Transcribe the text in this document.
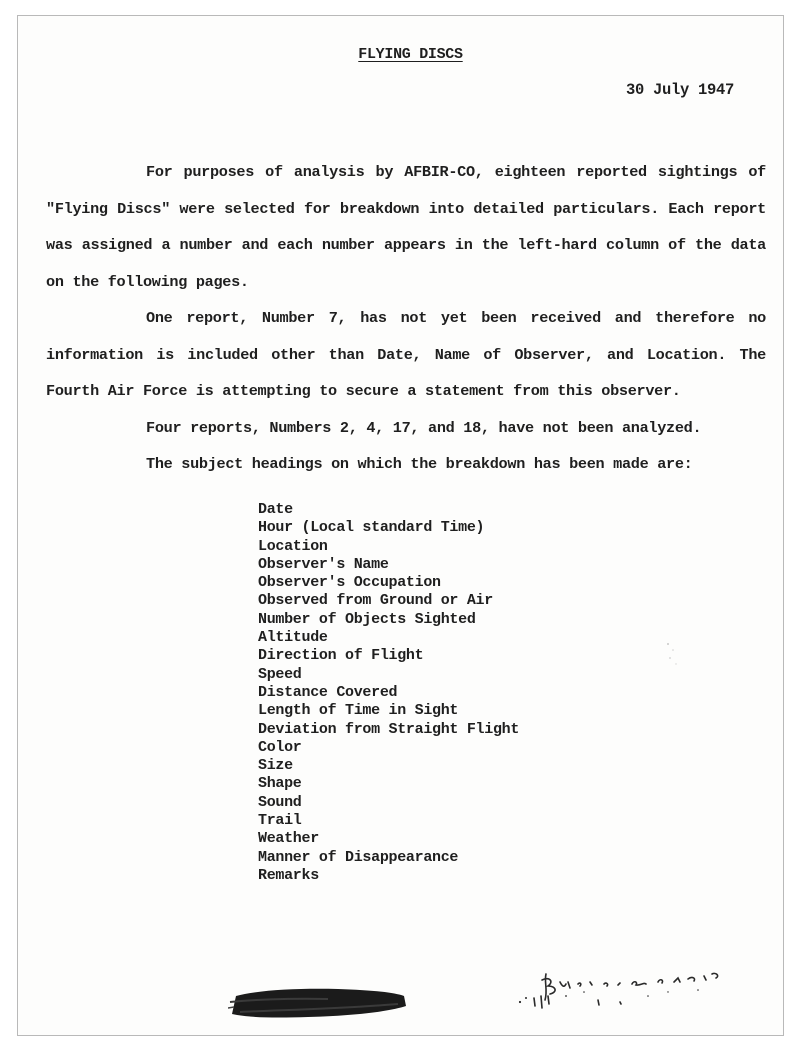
FLYING DISCS
30 July 1947

For purposes of analysis by AFBIR-CO, eighteen reported sightings of "Flying Discs" were selected for breakdown into detailed particulars. Each report was assigned a number and each number appears in the left-hard column of the data on the following pages.

One report, Number 7, has not yet been received and therefore no information is included other than Date, Name of Observer, and Location. The Fourth Air Force is attempting to secure a statement from this observer.

Four reports, Numbers 2, 4, 17, and 18, have not been analyzed.

The subject headings on which the breakdown has been made are:

Date
Hour (Local standard Time)
Location
Observer's Name
Observer's Occupation
Observed from Ground or Air
Number of Objects Sighted
Altitude
Direction of Flight
Speed
Distance Covered
Length of Time in Sight
Deviation from Straight Flight
Color
Size
Shape
Sound
Trail
Weather
Manner of Disappearance
Remarks
